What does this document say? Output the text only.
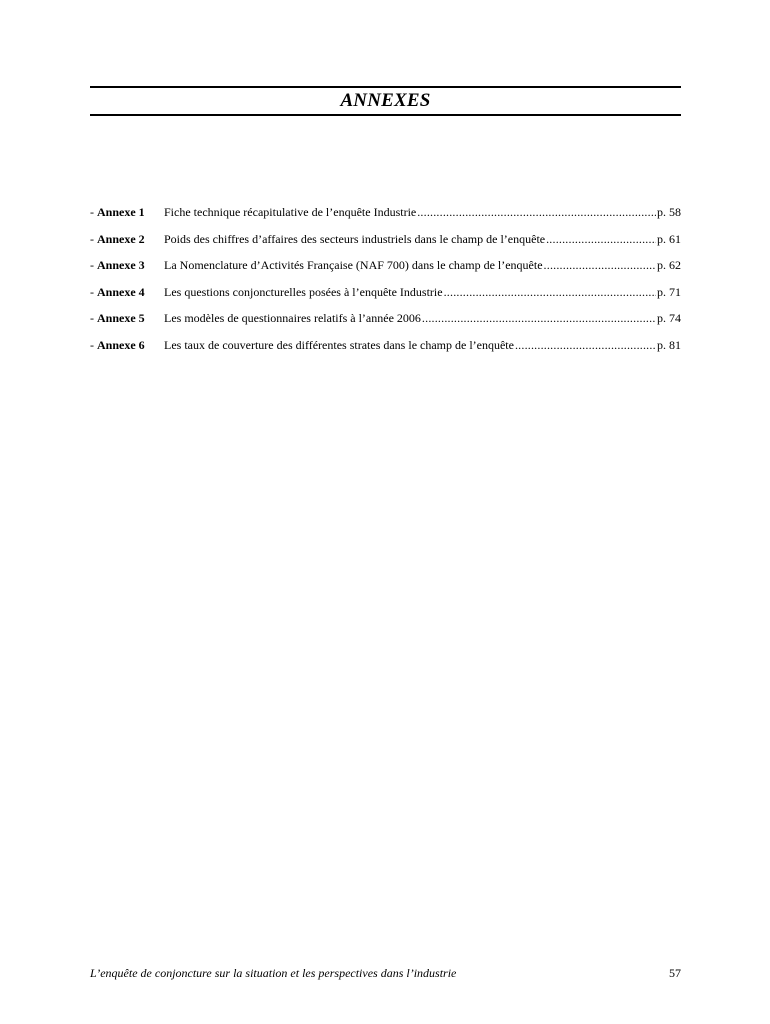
ANNEXES
- Annexe 1	Fiche technique récapitulative de l’enquête Industrie .....	p. 58
- Annexe 2	Poids des chiffres d’affaires des secteurs industriels dans le champ de l’enquête .....	p. 61
- Annexe 3	La Nomenclature d’Activités Française (NAF 700) dans le champ de l’enquête .....	p. 62
- Annexe 4	Les questions conjoncturelles posées à l’enquête Industrie .....	p. 71
- Annexe 5	Les modèles de questionnaires relatifs à l’année 2006 .....	p. 74
- Annexe 6	Les taux de couverture des différentes strates dans le champ de l’enquête .....	p. 81
L’enquête de conjoncture sur la situation et les perspectives dans l’industrie	57
